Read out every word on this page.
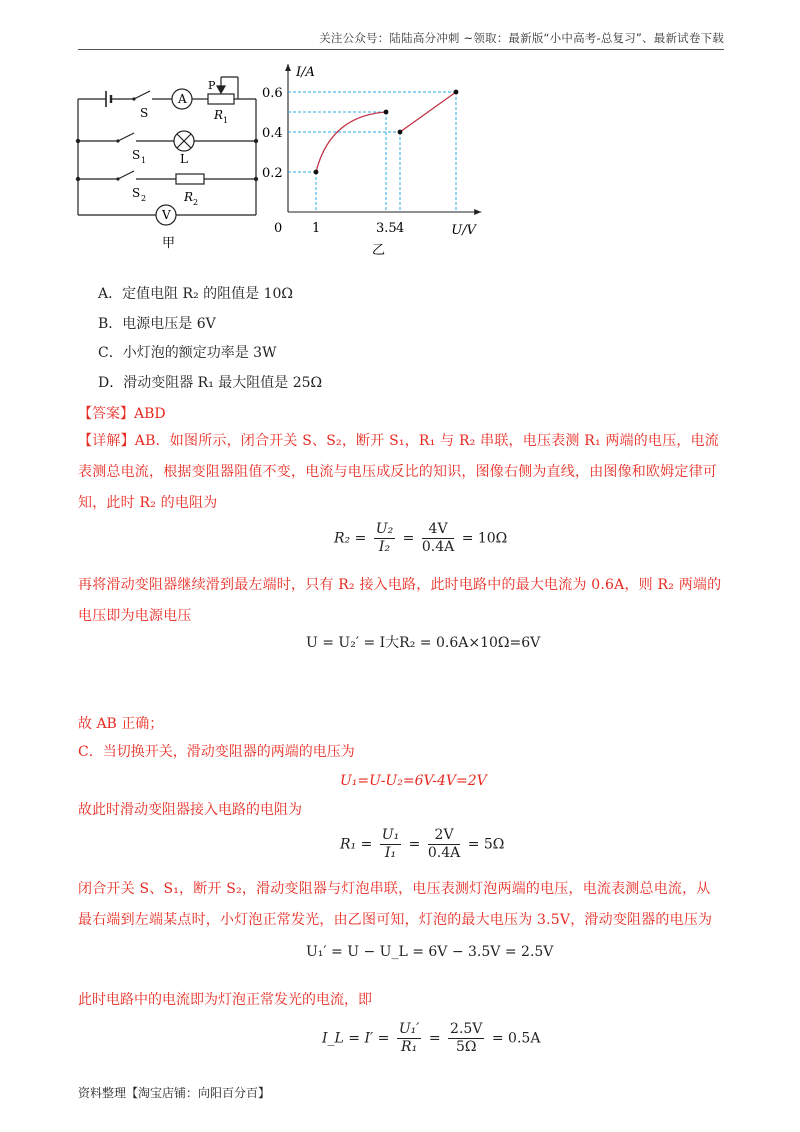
关注公众号：陆陆高分冲刺 ~领取：最新版“小中高考-总复习”、最新试卷下载
A
V
S
P
R 1
S 1	L
S 2	R 2
甲
I/A
U/V
0 1	3.5 4
0.2
0.4
0.6
乙
A．定值电阻 R₂ 的阻值是 10Ω
B．电源电压是 6V
C．小灯泡的额定功率是 3W
D．滑动变阻器 R₁ 最大阻值是 25Ω
【答案】ABD
【详解】AB．如图所示，闭合开关 S、S₂，断开 S₁，R₁ 与 R₂ 串联，电压表测 R₁ 两端的电压，电流表测总电流，根据变阻器阻值不变，电流与电压成反比的知识，图像右侧为直线，由图像和欧姆定律可知，此时 R₂ 的电阻为
$R_2 = \frac{\text{U₂}}{\text{I₂}} = \frac{4V}{0.4A} = 10\Omega$
再将滑动变阻器继续滑到最左端时，只有 R₂ 接入电路，此时电路中的最大电流为 0.6A，则 R₂ 两端的电压即为电源电压
U = U₂′ = I大R₂ = 0.6A×10Ω=6V
故 AB 正确；
C．当切换开关，滑动变阻器的两端的电压为
U₁=U-U₂=6V-4V=2V
故此时滑动变阻器接入电路的电阻为
$R_1 = \frac{\text{U₁}}{\text{I₁}} = \frac{2V}{0.4A} = 5\Omega$
闭合开关 S、S₁，断开 S₂，滑动变阻器与灯泡串联，电压表测灯泡两端的电压，电流表测总电流，从最右端到左端某点时，小灯泡正常发光，由乙图可知，灯泡的最大电压为 3.5V，滑动变阻器的电压为
U₁′ = U − U_L = 6V − 3.5V = 2.5V
此时电路中的电流即为灯泡正常发光的电流，即
I_L = $I' = \frac{\text{U₁′}}{\text{R₁}} = \frac{2.5V}{5\Omega} = 0.5A$
资料整理【淘宝店铺：向阳百分百】
